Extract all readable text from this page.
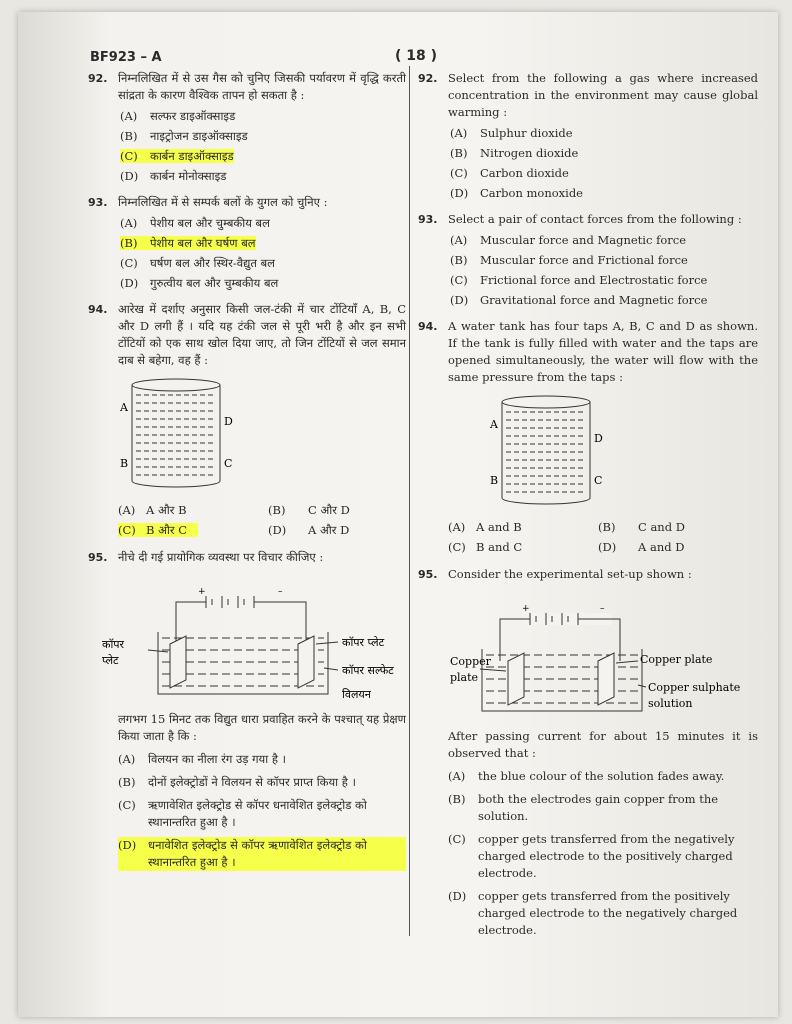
BF923 – A	( 18 )
92. निम्नलिखित में से उस गैस को चुनिए जिसकी पर्यावरण में वृद्धि करती सांद्रता के कारण वैश्विक तापन हो सकता है :
(A) सल्फर डाइऑक्साइड
(B) नाइट्रोजन डाइऑक्साइड
(C) कार्बन डाइऑक्साइड
(D) कार्बन मोनोक्साइड
93. निम्नलिखित में से सम्पर्क बलों के युगल को चुनिए :
(A) पेशीय बल और चुम्बकीय बल
(B) पेशीय बल और घर्षण बल
(C) घर्षण बल और स्थिर-वैद्युत बल
(D) गुरुत्वीय बल और चुम्बकीय बल
94. आरेख में दर्शाए अनुसार किसी जल-टंकी में चार टोंटियाँ A, B, C और D लगी हैं । यदि यह टंकी जल से पूरी भरी है और इन सभी टोंटियों को एक साथ खोल दिया जाए, तो जिन टोंटियों से जल समान दाब से बहेगा, वह हैं :
A
B	C
D
(A) A और B	(B) C और D
(C) B और C	(D) A और D
95. नीचे दी गई प्रायोगिक व्यवस्था पर विचार कीजिए :
+	–
कॉपर
प्लेट
कॉपर प्लेट
कॉपर सल्फेट
विलयन
लगभग 15 मिनट तक विद्युत धारा प्रवाहित करने के पश्चात् यह प्रेक्षण किया जाता है कि :
(A)	विलयन का नीला रंग उड़ गया है ।
(B)	दोनों इलेक्ट्रोडों ने विलयन से कॉपर प्राप्त किया है ।
(C)	ऋणावेशित इलेक्ट्रोड से कॉपर धनावेशित इलेक्ट्रोड को स्थानान्तरित हुआ है ।
(D)	धनावेशित इलेक्ट्रोड से कॉपर ऋणावेशित इलेक्ट्रोड को स्थानान्तरित हुआ है ।
92. Select from the following a gas where increased concentration in the environment may cause global warming :
(A) Sulphur dioxide
(B) Nitrogen dioxide
(C) Carbon dioxide
(D) Carbon monoxide
93. Select a pair of contact forces from the following :
(A) Muscular force and Magnetic force
(B) Muscular force and Frictional force
(C) Frictional force and Electrostatic force
(D) Gravitational force and Magnetic force
94. A water tank has four taps A, B, C and D as shown. If the tank is fully filled with water and the taps are opened simultaneously, the water will flow with the same pressure from the taps :
A
B	C
D
(A) A and B	(B) C and D
(C) B and C	(D) A and D
95. Consider the experimental set-up shown :
+	–
Copper
plate
Copper plate
Copper sulphate
solution
After passing current for about 15 minutes it is observed that :
(A)	the blue colour of the solution fades away.
(B)	both the electrodes gain copper from the solution.
(C)	copper gets transferred from the negatively charged electrode to the positively charged electrode.
(D)	copper gets transferred from the positively charged electrode to the negatively charged electrode.
